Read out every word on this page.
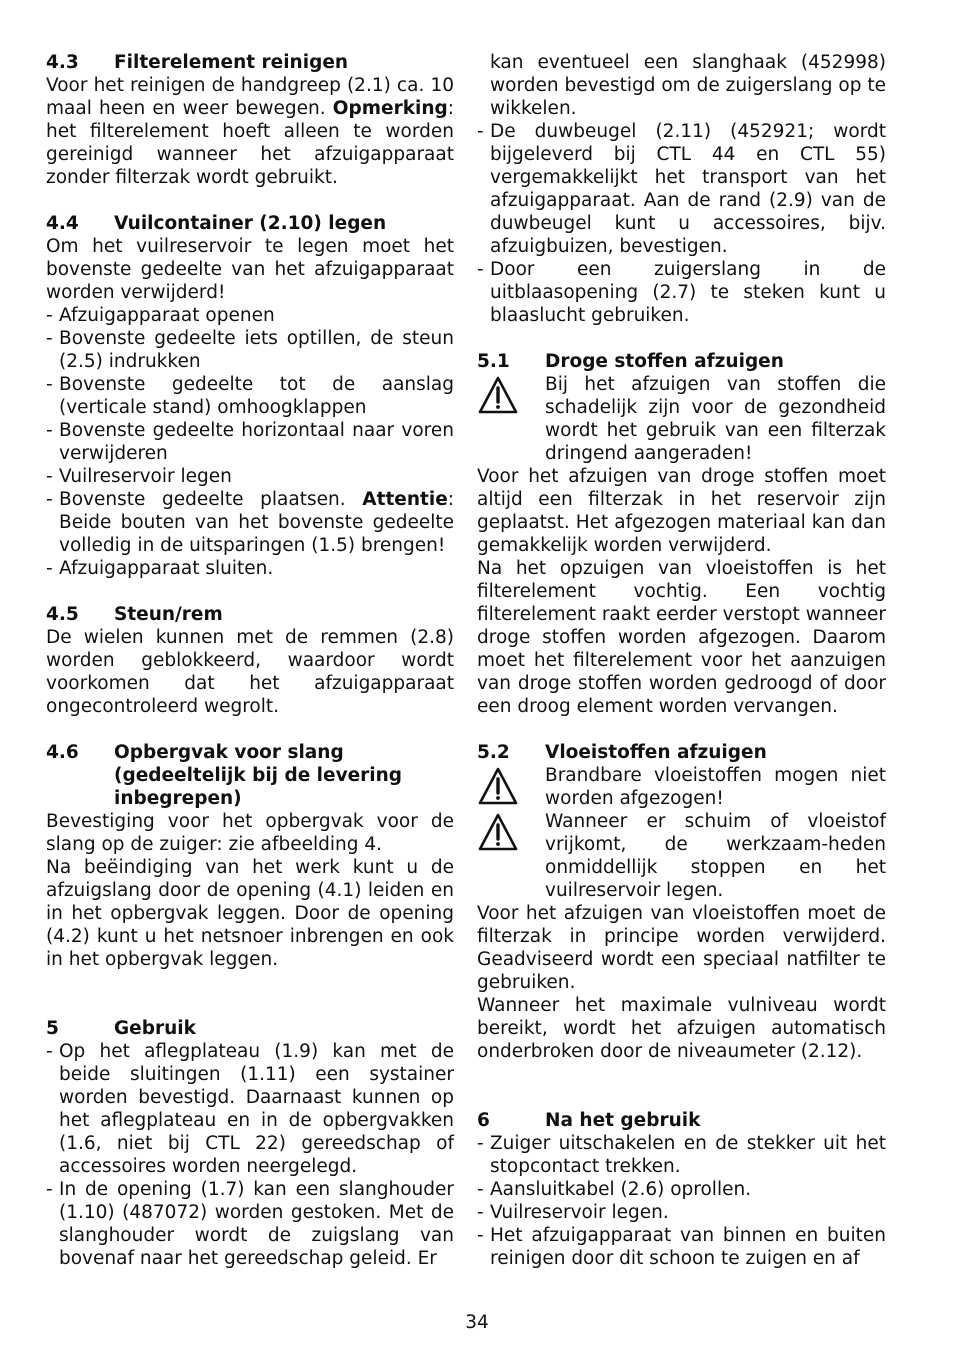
4.3	Filterelement reinigen

Voor het reinigen de handgreep (2.1) ca. 10 maal heen en weer bewegen. Opmerking: het filterelement hoeft alleen te worden gereinigd wanneer het afzuigapparaat zonder filterzak wordt gebruikt.

4.4	Vuilcontainer (2.10) legen

Om het vuilreservoir te legen moet het bovenste gedeelte van het afzuigapparaat worden verwijderd!

- Afzuigapparaat openen
- Bovenste gedeelte iets optillen, de steun (2.5) indrukken
- Bovenste gedeelte tot de aanslag (verticale stand) omhoogklappen
- Bovenste gedeelte horizontaal naar voren verwijderen
- Vuilreservoir legen
- Bovenste gedeelte plaatsen. Attentie: Beide bouten van het bovenste gedeelte volledig in de uitsparingen (1.5) brengen!
- Afzuigapparaat sluiten.
4.5	Steun/rem

De wielen kunnen met de remmen (2.8) worden geblokkeerd, waardoor wordt voorkomen dat het afzuigapparaat ongecontroleerd wegrolt.

4.6	Opbergvak voor slang (gedeeltelijk bij de levering inbegrepen)

Bevestiging voor het opbergvak voor de slang op de zuiger: zie afbeelding 4.

Na beëindiging van het werk kunt u de afzuigslang door de opening (4.1) leiden en in het opbergvak leggen. Door de opening (4.2) kunt u het netsnoer inbrengen en ook in het opbergvak leggen.

5	Gebruik
- Op het aflegplateau (1.9) kan met de beide sluitingen (1.11) een systainer worden bevestigd. Daarnaast kunnen op het aflegplateau en in de opbergvakken (1.6, niet bij CTL 22) gereedschap of accessoires worden neergelegd.
- In de opening (1.7) kan een slanghouder (1.10) (487072) worden gestoken. Met de slanghouder wordt de zuigslang van bovenaf naar het gereedschap geleid. Er

kan eventueel een slanghaak (452998) worden bevestigd om de zuigerslang op te wikkelen.

- De duwbeugel (2.11) (452921; wordt bijgeleverd bij CTL 44 en CTL 55) vergemakkelijkt het transport van het afzuigapparaat. Aan de rand (2.9) van de duwbeugel kunt u accessoires, bijv. afzuigbuizen, bevestigen.
- Door een zuigerslang in de uitblaasopening (2.7) te steken kunt u blaaslucht gebruiken.
5.1	Droge stoffen afzuigen

Bij het afzuigen van stoffen die schadelijk zijn voor de gezondheid wordt het gebruik van een filterzak dringend aangeraden!

Voor het afzuigen van droge stoffen moet altijd een filterzak in het reservoir zijn geplaatst. Het afgezogen materiaal kan dan gemakkelijk worden verwijderd.

Na het opzuigen van vloeistoffen is het filterelement vochtig. Een vochtig filterelement raakt eerder verstopt wanneer droge stoffen worden afgezogen. Daarom moet het filterelement voor het aanzuigen van droge stoffen worden gedroogd of door een droog element worden vervangen.

5.2	Vloeistoffen afzuigen

Brandbare vloeistoffen mogen niet worden afgezogen!

Wanneer er schuim of vloeistof vrijkomt, de werkzaam-heden onmiddellijk stoppen en het vuilreservoir legen.

Voor het afzuigen van vloeistoffen moet de filterzak in principe worden verwijderd. Geadviseerd wordt een speciaal natfilter te gebruiken.

Wanneer het maximale vulniveau wordt bereikt, wordt het afzuigen automatisch onderbroken door de niveaumeter (2.12).

6	Na het gebruik
- Zuiger uitschakelen en de stekker uit het stopcontact trekken.
- Aansluitkabel (2.6) oprollen.
- Vuilreservoir legen.
- Het afzuigapparaat van binnen en buiten reinigen door dit schoon te zuigen en af
34
